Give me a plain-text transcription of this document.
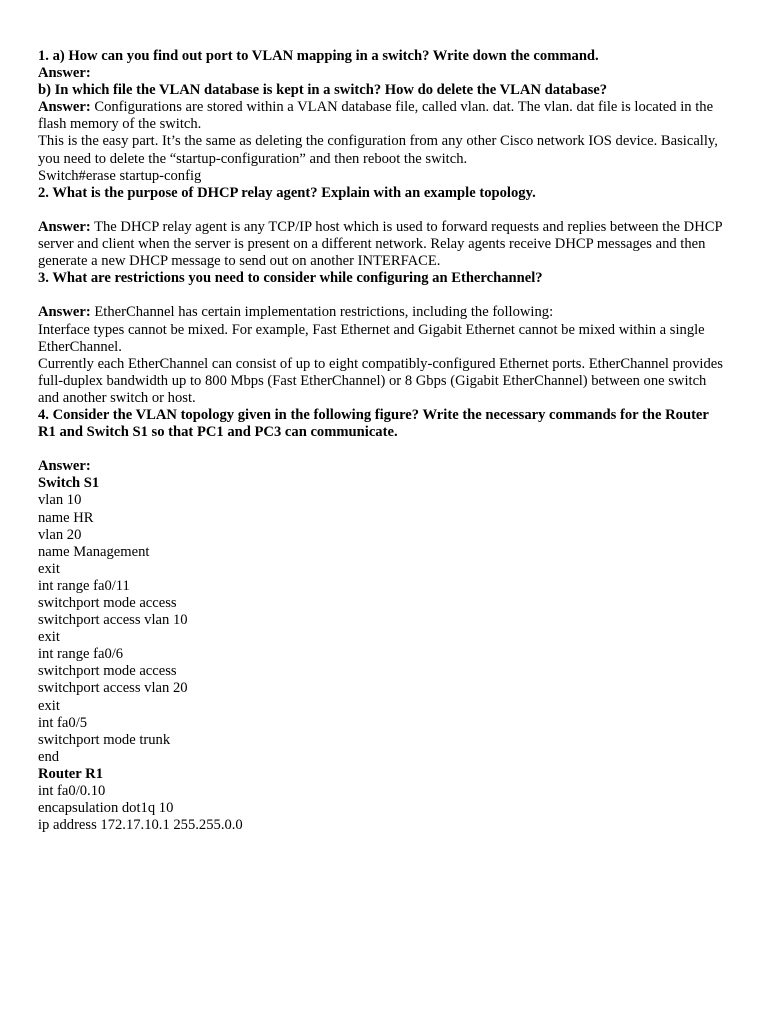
1. a) How can you find out port to VLAN mapping in a switch? Write down the command.
Answer:
b) In which file the VLAN database is kept in a switch? How do delete the VLAN database?
Answer: Configurations are stored within a VLAN database file, called vlan. dat. The vlan. dat file is located in the flash memory of the switch.
This is the easy part. It’s the same as deleting the configuration from any other Cisco network IOS device. Basically, you need to delete the “startup-configuration” and then reboot the switch.
Switch#erase startup-config
2. What is the purpose of DHCP relay agent? Explain with an example topology.
Answer: The DHCP relay agent is any TCP/IP host which is used to forward requests and replies between the DHCP server and client when the server is present on a different network. Relay agents receive DHCP messages and then generate a new DHCP message to send out on another INTERFACE.
3. What are restrictions you need to consider while configuring an Etherchannel?
Answer: EtherChannel has certain implementation restrictions, including the following:
Interface types cannot be mixed. For example, Fast Ethernet and Gigabit Ethernet cannot be mixed within a single EtherChannel.
Currently each EtherChannel can consist of up to eight compatibly-configured Ethernet ports. EtherChannel provides full-duplex bandwidth up to 800 Mbps (Fast EtherChannel) or 8 Gbps (Gigabit EtherChannel) between one switch and another switch or host.
4. Consider the VLAN topology given in the following figure? Write the necessary commands for the Router R1 and Switch S1 so that PC1 and PC3 can communicate.
Answer:
Switch S1
vlan 10
name HR
vlan 20
name Management
exit
int range fa0/11
switchport mode access
switchport access vlan 10
exit
int range fa0/6
switchport mode access
switchport access vlan 20
exit
int fa0/5
switchport mode trunk
end
Router R1
int fa0/0.10
encapsulation dot1q 10
ip address 172.17.10.1 255.255.0.0
